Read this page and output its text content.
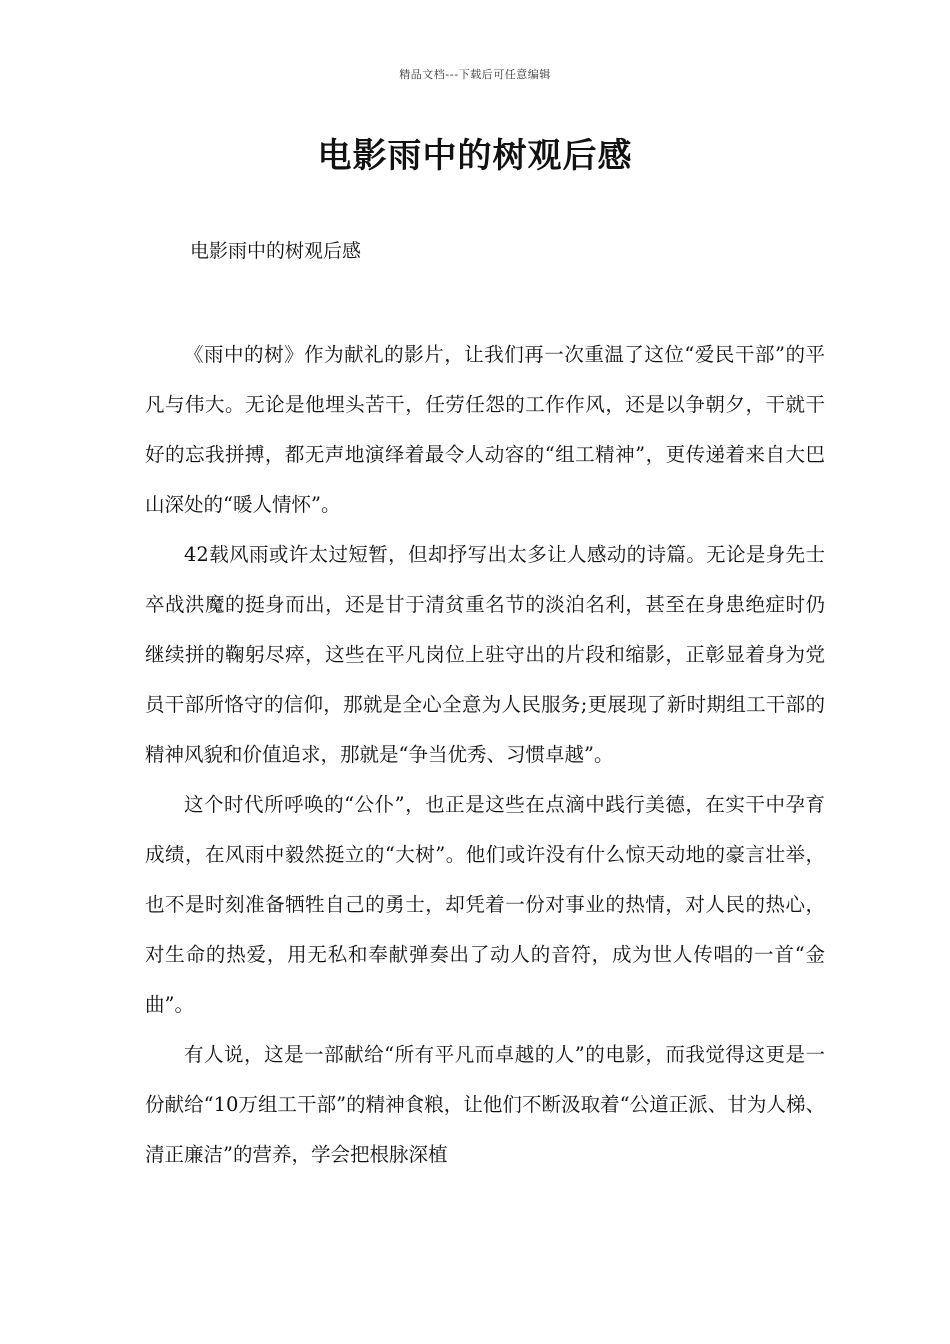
精品文档---下载后可任意编辑
电影雨中的树观后感
电影雨中的树观后感

《雨中的树》作为献礼的影片，让我们再一次重温了这位“爱民干部”的平凡与伟大。无论是他埋头苦干，任劳任怨的工作作风，还是以争朝夕，干就干好的忘我拼搏，都无声地演绎着最令人动容的“组工精神”，更传递着来自大巴山深处的“暖人情怀”。

42载风雨或许太过短暂，但却抒写出太多让人感动的诗篇。无论是身先士卒战洪魔的挺身而出，还是甘于清贫重名节的淡泊名利，甚至在身患绝症时仍继续拼的鞠躬尽瘁，这些在平凡岗位上驻守出的片段和缩影，正彰显着身为党员干部所恪守的信仰，那就是全心全意为人民服务;更展现了新时期组工干部的精神风貌和价值追求，那就是“争当优秀、习惯卓越”。

这个时代所呼唤的“公仆”，也正是这些在点滴中践行美德，在实干中孕育成绩，在风雨中毅然挺立的“大树”。他们或许没有什么惊天动地的豪言壮举，也不是时刻准备牺牲自己的勇士，却凭着一份对事业的热情，对人民的热心，对生命的热爱，用无私和奉献弹奏出了动人的音符，成为世人传唱的一首“金曲”。

有人说，这是一部献给“所有平凡而卓越的人”的电影，而我觉得这更是一份献给“10万组工干部”的精神食粮，让他们不断汲取着“公道正派、甘为人梯、清正廉洁”的营养，学会把根脉深植
